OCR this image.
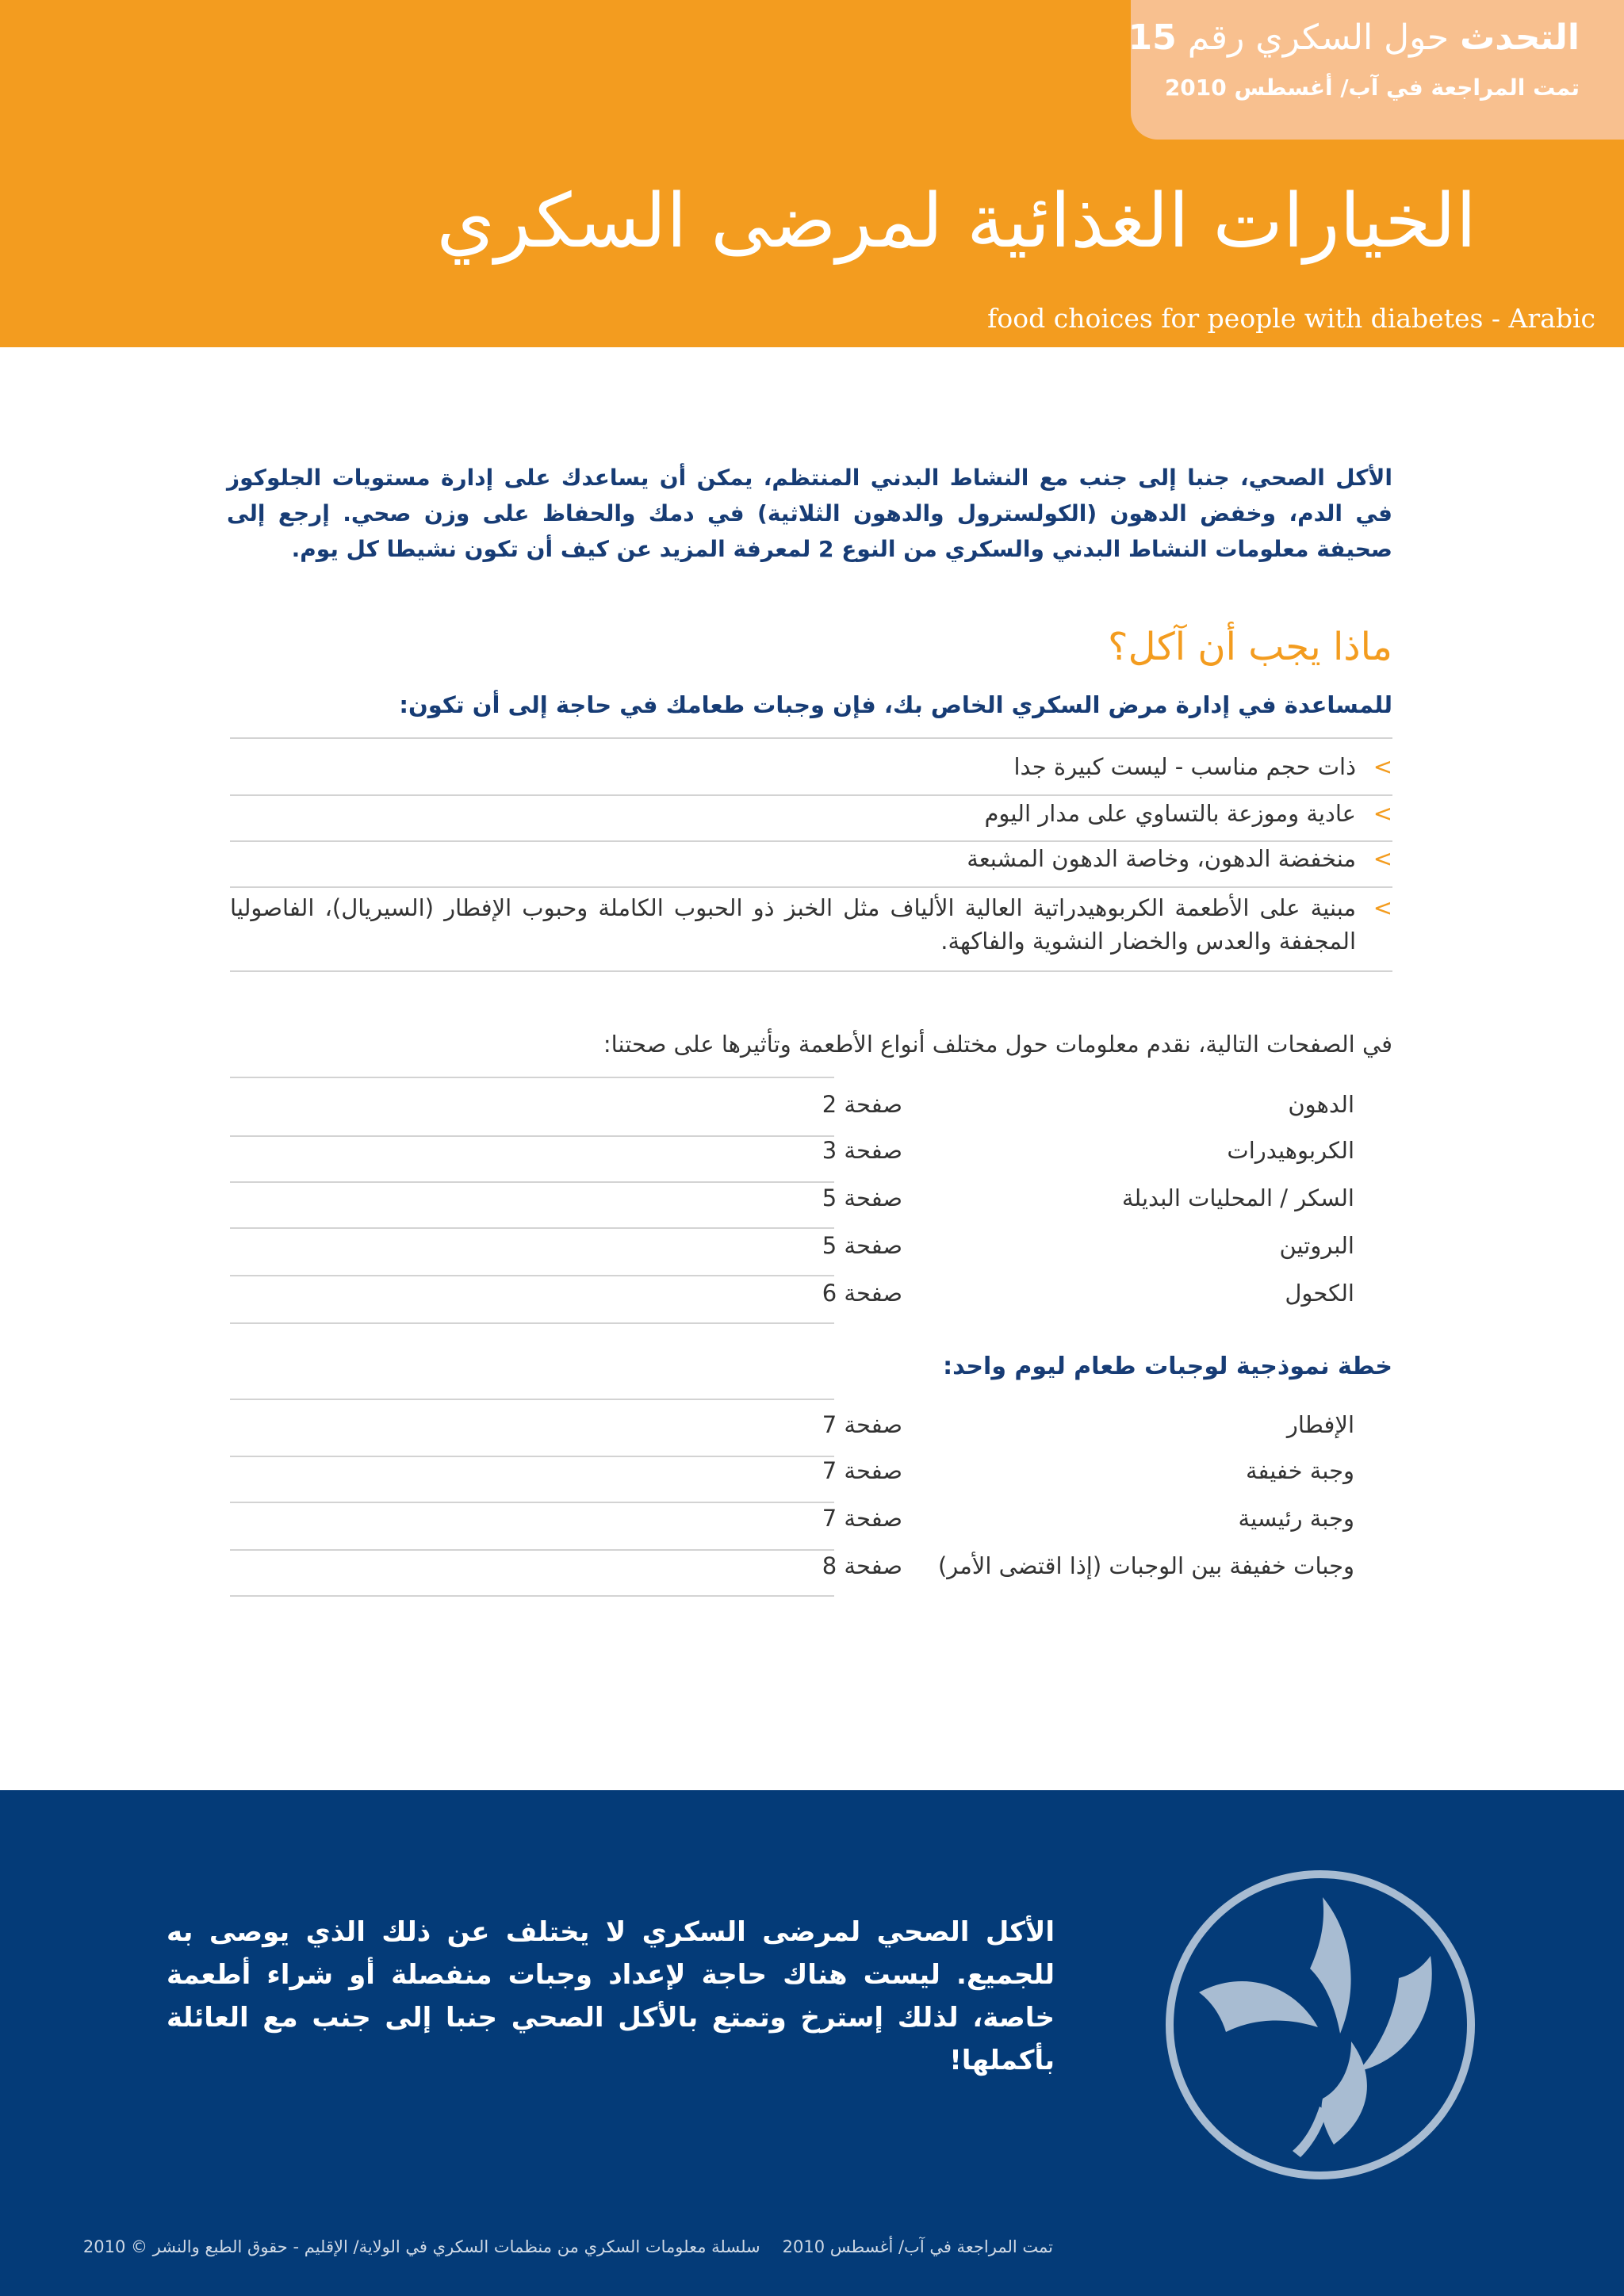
التحدث حول السكري رقم 15
تمت المراجعة في آب/ أغسطس 2010
الخيارات الغذائية لمرضى السكري
food choices for people with diabetes - Arabic
الأكل الصحي، جنبا إلى جنب مع النشاط البدني المنتظم، يمكن أن يساعدك على إدارة مستويات الجلوكوز في الدم، وخفض الدهون (الكولسترول والدهون الثلاثية) في دمك والحفاظ على وزن صحي. إرجع إلى صحيفة معلومات النشاط البدني والسكري من النوع 2 لمعرفة المزيد عن كيف أن تكون نشيطا كل يوم.
ماذا يجب أن آكل؟
للمساعدة في إدارة مرض السكري الخاص بك، فإن وجبات طعامك في حاجة إلى أن تكون:
>
ذات حجم مناسب - ليست كبيرة جدا
>
عادية وموزعة بالتساوي على مدار اليوم
>
منخفضة الدهون، وخاصة الدهون المشبعة
>
مبنية على الأطعمة الكربوهيدراتية العالية الألياف مثل الخبز ذو الحبوب الكاملة وحبوب الإفطار (السيريال)، الفاصوليا المجففة والعدس والخضار النشوية والفاكهة.
في الصفحات التالية، نقدم معلومات حول مختلف أنواع الأطعمة وتأثيرها على صحتنا:
الدهون
صفحة 2
الكربوهيدرات
صفحة 3
السكر / المحليات البديلة
صفحة 5
البروتين
صفحة 5
الكحول
صفحة 6
خطة نموذجية لوجبات طعام ليوم واحد:
الإفطار
صفحة 7
وجبة خفيفة
صفحة 7
وجبة رئيسية
صفحة 7
وجبات خفيفة بين الوجبات (إذا اقتضى الأمر)
صفحة 8
الأكل الصحي لمرضى السكري لا يختلف عن ذلك الذي يوصى به للجميع. ليست هناك حاجة لإعداد وجبات منفصلة أو شراء أطعمة خاصة، لذلك إسترخ وتمتع بالأكل الصحي جنبا إلى جنب مع العائلة بأكملها!
تمت المراجعة في آب/ أغسطس 2010سلسلة معلومات السكري من منظمات السكري في الولاية/ الإقليم - حقوق الطبع والنشر © 2010
